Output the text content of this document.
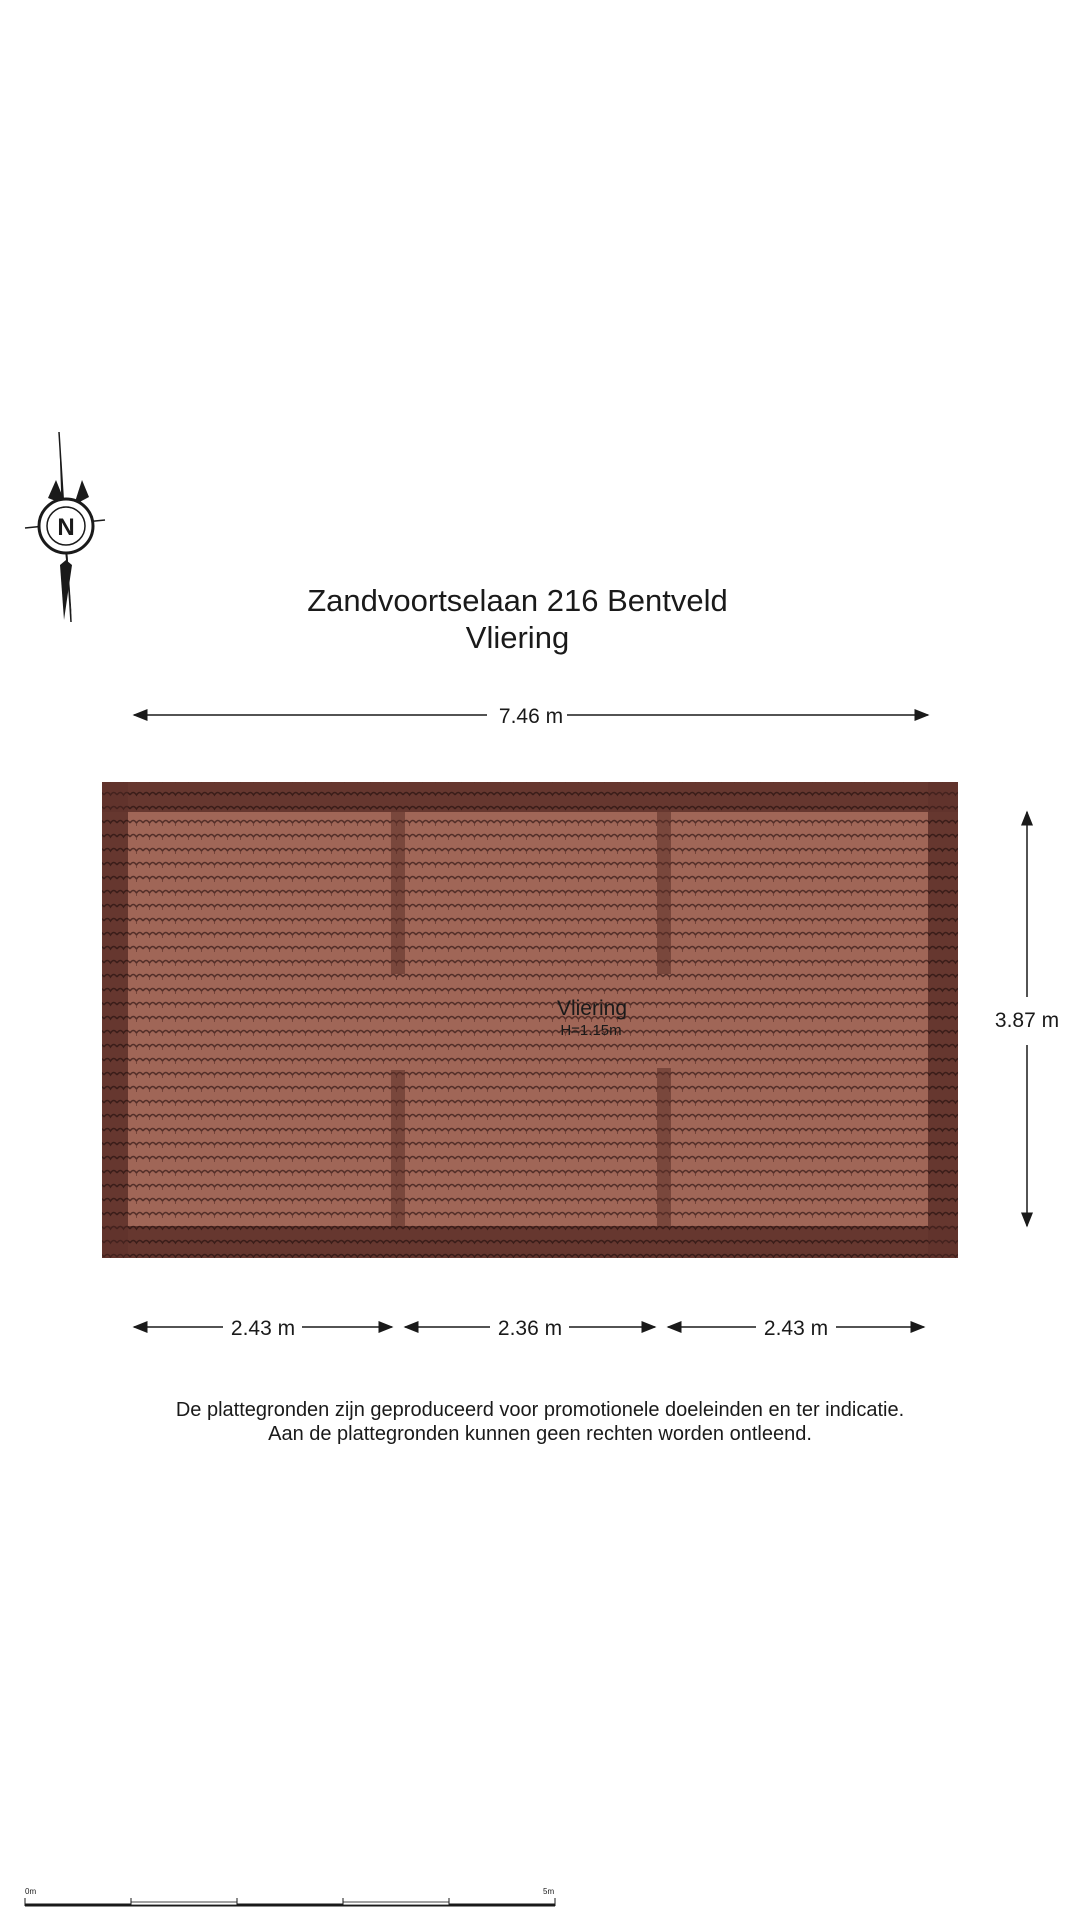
N
7.46 m
Vliering
H=1.15m	3.87 m
2.43 m	2.36 m	2.43 m
0m	5m
Zandvoortselaan 216 Bentveld
Vliering
De plattegronden zijn geproduceerd voor promotionele doeleinden en ter indicatie.
Aan de plattegronden kunnen geen rechten worden ontleend.
